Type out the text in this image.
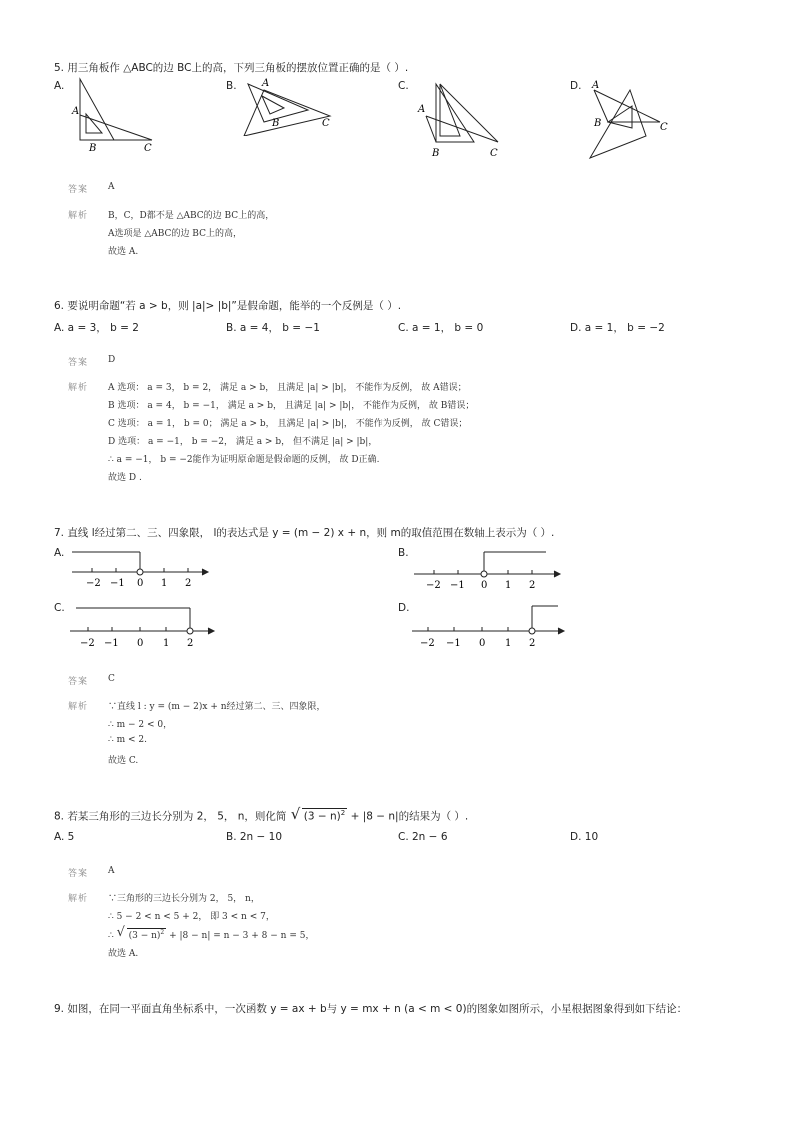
5. 用三角板作 △ABC的边 BC上的高，下列三角板的摆放位置正确的是（ ）.
A.	B.	C.	D.
A
B	C
A
B	C
A
B	C
A
B	C
答案 A
解析 B，C，D都不是 △ABC的边 BC上的高，
A选项是 △ABC的边 BC上的高，
故选 A.
6. 要说明命题“若 a > b，则 |a|> |b|”是假命题，能举的一个反例是（ ）.
A. a = 3， b = 2	B. a = 4， b = −1	C. a = 1， b = 0	D. a = 1， b = −2
答案 D
解析 A 选项： a = 3， b = 2， 满足 a > b， 且满足 |a| > |b|， 不能作为反例， 故 A错误；
B 选项： a = 4， b = −1， 满足 a > b， 且满足 |a| > |b|， 不能作为反例， 故 B错误；
C 选项： a = 1， b = 0； 满足 a > b， 且满足 |a| > |b|， 不能作为反例， 故 C错误；
D 选项： a = −1， b = −2， 满足 a > b， 但不满足 |a| > |b|，
∴ a = −1， b = −2能作为证明原命题是假命题的反例， 故 D正确.
故选 D .
7. 直线 l经过第二、三、四象限， l的表达式是 y = (m − 2) x + n，则 m的取值范围在数轴上表示为（ ）.
A.	B.
C.	D.
−2 −1 0 1 2	−2 −1 0 1 2
−2 −1 0 1 2	−2 −1 0 1 2
答案 C
解析 ∵直线 l : y = (m − 2)x + n经过第二、三、四象限，
∴ m − 2 < 0，
∴ m < 2.
故选 C.
8. 若某三角形的三边长分别为 2， 5， n，则化简 √ $(3 - n)^2 + |8 - n|$的结果为（ ）.
A. 5	B. 2n − 10	C. 2n − 6	D. 10
答案 A
解析 ∵三角形的三边长分别为 2， 5， n，
∴ 5 − 2 < n < 5 + 2， 即 3 < n < 7，
∴ √ $(3 - n)^2 + |8 - n| = n - 3 + 8 - n = 5$，
故选 A.
9. 如图，在同一平面直角坐标系中，一次函数 y = ax + b与 y = mx + n (a < m < 0)的图象如图所示，小星根据图象得到如下结论：
